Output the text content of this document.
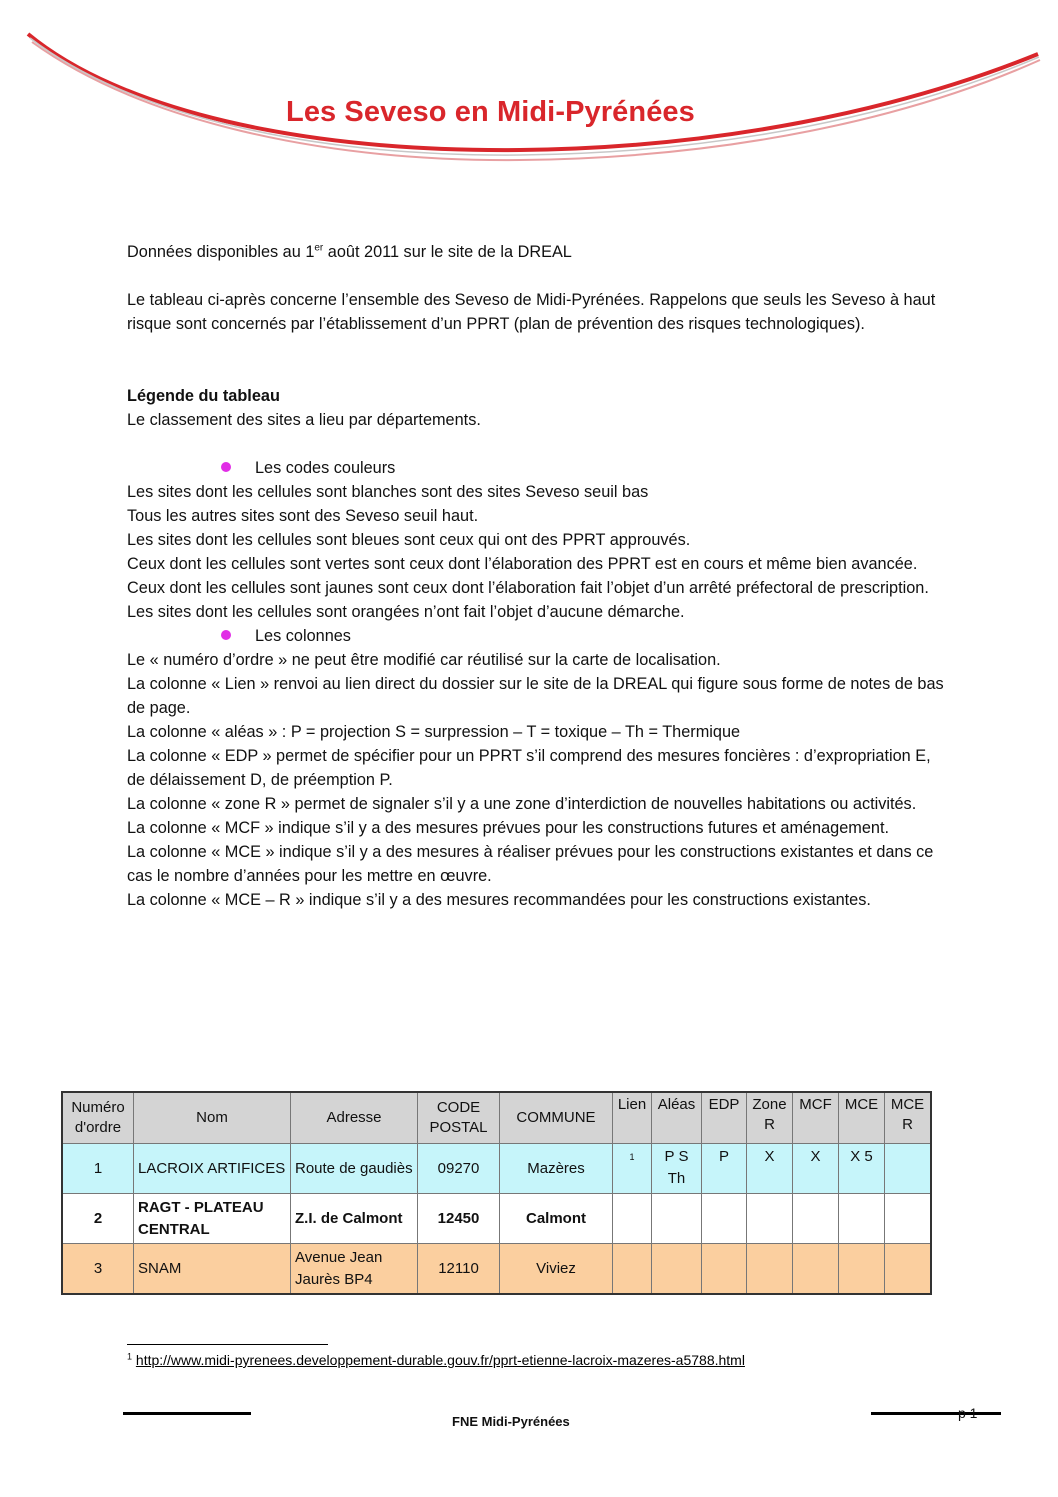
Les Seveso en Midi-Pyrénées

Données disponibles au 1er août 2011 sur le site de la DREAL

Le tableau ci-après concerne l’ensemble des Seveso de Midi-Pyrénées. Rappelons que seuls les Seveso à haut risque sont concernés par l’établissement d’un PPRT (plan de prévention des risques technologiques).

Légende du tableau

Le classement des sites a lieu par départements.

Les codes couleurs

Les sites dont les cellules sont blanches sont des sites Seveso seuil bas

Tous les autres sites sont des Seveso seuil haut.

Les sites dont les cellules sont bleues sont ceux qui ont des PPRT approuvés.

Ceux dont les cellules sont vertes sont ceux dont l’élaboration des PPRT est en cours et même bien avancée.

Ceux dont les cellules sont jaunes sont ceux dont l’élaboration fait l’objet d’un arrêté préfectoral de prescription.

Les sites dont les cellules sont orangées n’ont fait l’objet d’aucune démarche.

Les colonnes

Le « numéro d’ordre » ne peut être modifié car réutilisé sur la carte de localisation.

La colonne « Lien » renvoi au lien direct du dossier sur le site de la DREAL qui figure sous forme de notes de bas de page.

La colonne « aléas » : P = projection S = surpression – T = toxique – Th = Thermique

La colonne « EDP » permet de spécifier pour un PPRT s’il comprend des mesures foncières : d’expropriation E, de délaissement D, de préemption P.

La colonne « zone R » permet de signaler s’il y a une zone d’interdiction de nouvelles habitations ou activités.

La colonne « MCF » indique s’il y a des mesures prévues pour les constructions futures et aménagement.

La colonne « MCE » indique s’il y a des mesures à réaliser prévues pour les constructions existantes et dans ce cas le nombre d’années pour les mettre en œuvre.

La colonne « MCE – R » indique s’il y a des mesures recommandées pour les constructions existantes.

Numéro d'ordre	Nom	Adresse	CODE POSTAL	COMMUNE	Lien	Aléas	EDP	Zone R	MCF	MCE	MCE R
1	LACROIX ARTIFICES	Route de gaudiès	09270	Mazères	$^1$	P S Th	P	X	X	X 5	
2	RAGT - PLATEAU CENTRAL	Z.I. de Calmont	12450	Calmont							
3	SNAM	Avenue Jean Jaurès BP4	12110	Viviez							
$^1$ http://www.midi-pyrenees.developpement-durable.gouv.fr/pprt-etienne-lacroix-mazeres-a5788.html
FNE Midi-Pyrénées
p 1
